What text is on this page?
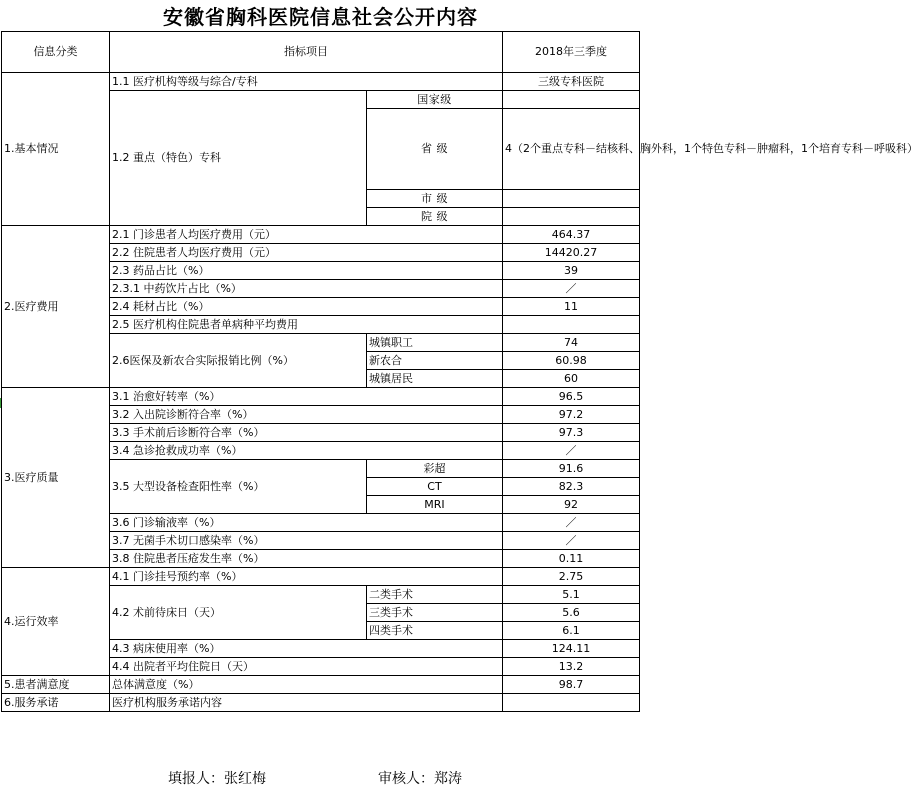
安徽省胸科医院信息社会公开内容
信息分类	指标项目		2018年三季度
1.基本情况	1.1 医疗机构等级与综合/专科		三级专科医院
	1.2 重点（特色）专科	国家级	
		省 级	4（2个重点专科－结核科、胸外科，1个特色专科－肿瘤科，1个培育专科－呼吸科）

		市 级	
		院 级	
2.医疗费用	2.1 门诊患者人均医疗费用（元）		464.37
	2.2 住院患者人均医疗费用（元）		14420.27
	2.3 药品占比（%）		39
	2.3.1 中药饮片占比（%）		／
	2.4 耗材占比（%）		11
	2.5 医疗机构住院患者单病种平均费用		
	2.6医保及新农合实际报销比例（%）	城镇职工	74
		新农合	60.98
		城镇居民	60
3.医疗质量	3.1 治愈好转率（%）		96.5
	3.2 入出院诊断符合率（%）		97.2
	3.3 手术前后诊断符合率（%）		97.3
	3.4 急诊抢救成功率（%）		／
	3.5 大型设备检查阳性率（%）	彩超	91.6
		CT	82.3
		MRI	92
	3.6 门诊输液率（%）		／
	3.7 无菌手术切口感染率（%）		／
	3.8 住院患者压疮发生率（%）		0.11
4.运行效率	4.1 门诊挂号预约率（%）		2.75
	4.2 术前待床日（天）	二类手术	5.1
		三类手术	5.6
		四类手术	6.1
	4.3 病床使用率（%）		124.11
	4.4 出院者平均住院日（天）		13.2
5.患者满意度	总体满意度（%）		98.7
6.服务承诺	医疗机构服务承诺内容		
填报人：张红梅	审核人：郑涛
